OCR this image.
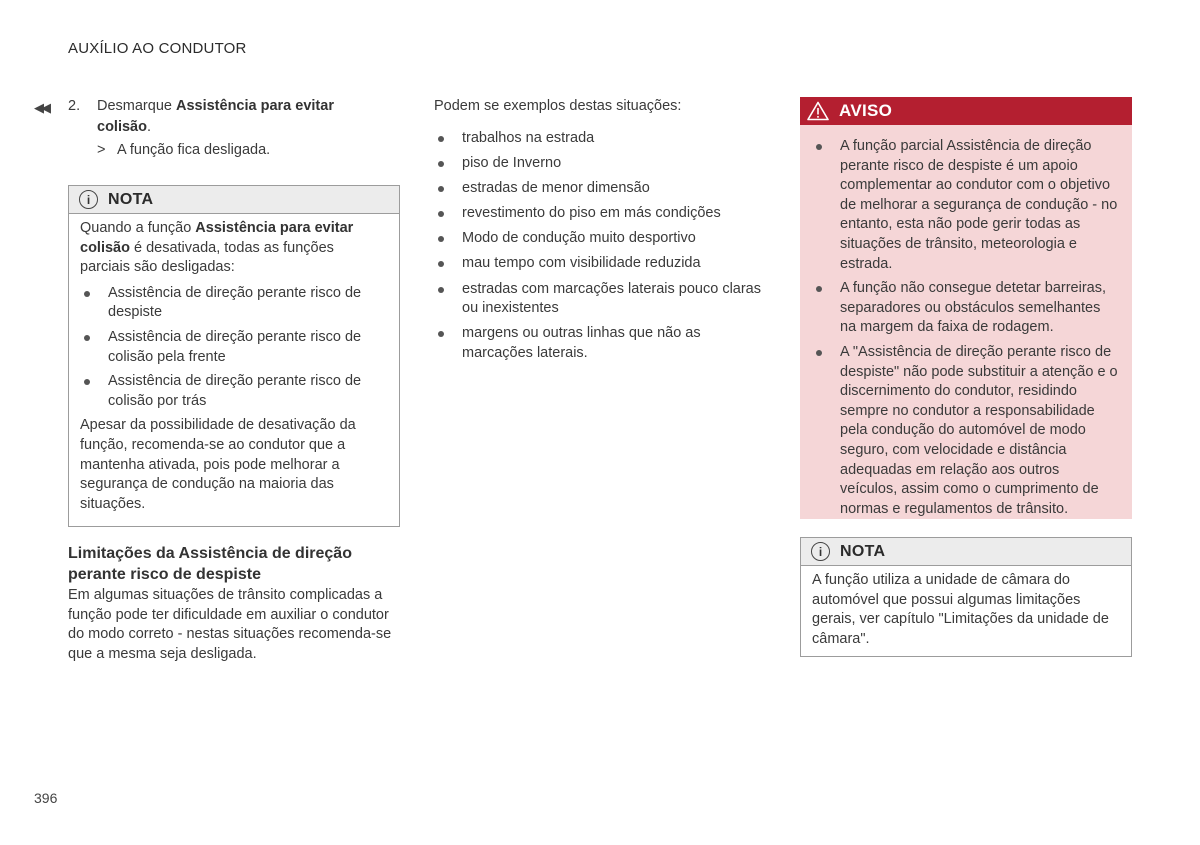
AUXÍLIO AO CONDUTOR
◀◀	2.	Desmarque Assistência para evitar colisão.
> A função fica desligada.
i	NOTA

Quando a função Assistência para evitar colisão é desativada, todas as funções parciais são desligadas:

Assistência de direção perante risco de despiste
Assistência de direção perante risco de colisão pela frente
Assistência de direção perante risco de colisão por trás

Apesar da possibilidade de desativação da função, recomenda-se ao condutor que a mantenha ativada, pois pode melhorar a segurança de condução na maioria das situações.

Limitações da Assistência de direção perante risco de despiste
Em algumas situações de trânsito complicadas a função pode ter dificuldade em auxiliar o condutor do modo correto - nestas situações recomenda-se que a mesma seja desligada.
Podem se exemplos destas situações:
trabalhos na estrada
piso de Inverno
estradas de menor dimensão
revestimento do piso em más condições
Modo de condução muito desportivo
mau tempo com visibilidade reduzida
estradas com marcações laterais pouco claras ou inexistentes
margens ou outras linhas que não as marcações laterais.
AVISO
A função parcial Assistência de direção perante risco de despiste é um apoio complementar ao condutor com o objetivo de melhorar a segurança de condução - no entanto, esta não pode gerir todas as situações de trânsito, meteorologia e estrada.
A função não consegue detetar barreiras, separadores ou obstáculos semelhantes na margem da faixa de rodagem.
A "Assistência de direção perante risco de despiste" não pode substituir a atenção e o discernimento do condutor, residindo sempre no condutor a responsabilidade pela condução do automóvel de modo seguro, com velocidade e distância adequadas em relação aos outros veículos, assim como o cumprimento de normas e regulamentos de trânsito.
i	NOTA
A função utiliza a unidade de câmara do automóvel que possui algumas limitações gerais, ver capítulo "Limitações da unidade de câmara".
396
